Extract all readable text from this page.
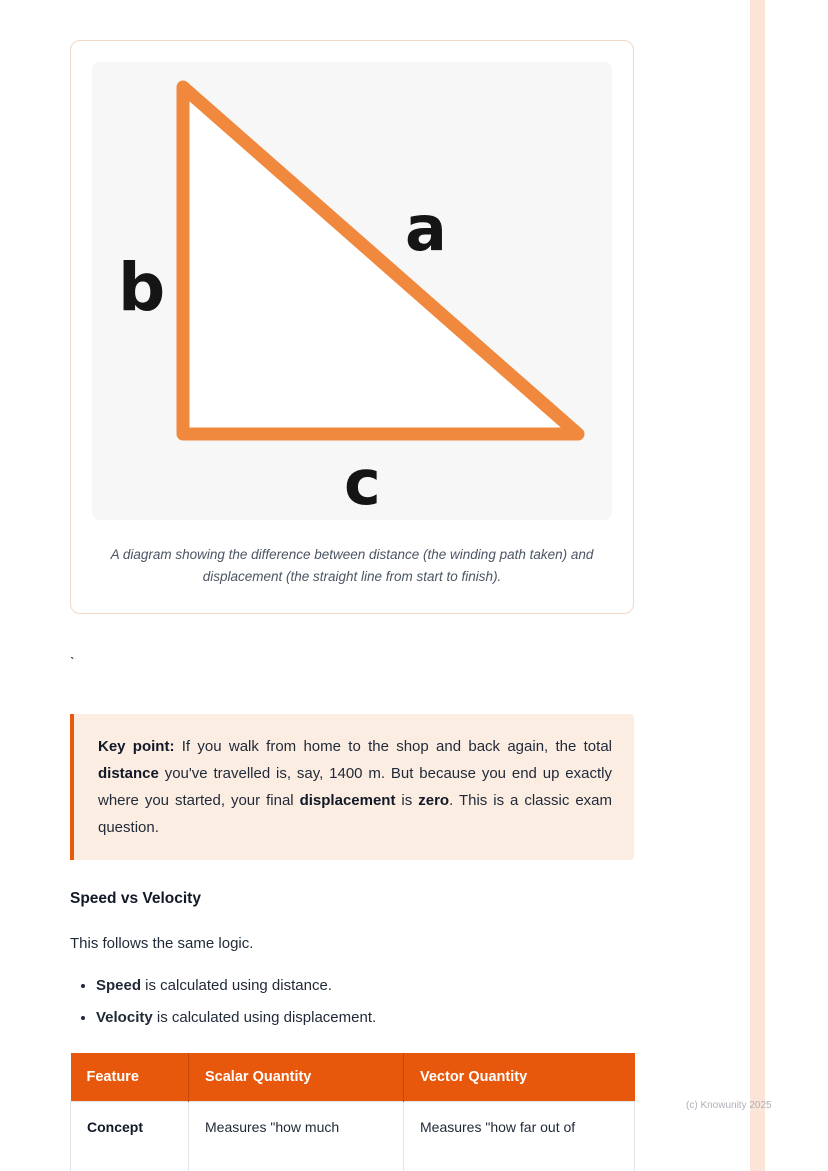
a
b
c
A diagram showing the difference between distance (the winding path taken) and displacement (the straight line from start to finish).
`
Key point: If you walk from home to the shop and back again, the total distance you've travelled is, say, 1400 m. But because you end up exactly where you started, your final displacement is zero. This is a classic exam question.
Speed vs Velocity
This follows the same logic.
• Speed is calculated using distance.
• Velocity is calculated using displacement.
Feature	Scalar Quantity	Vector Quantity
Concept	Measures "how much	Measures "how far out of
(c) Knowunity 2025
